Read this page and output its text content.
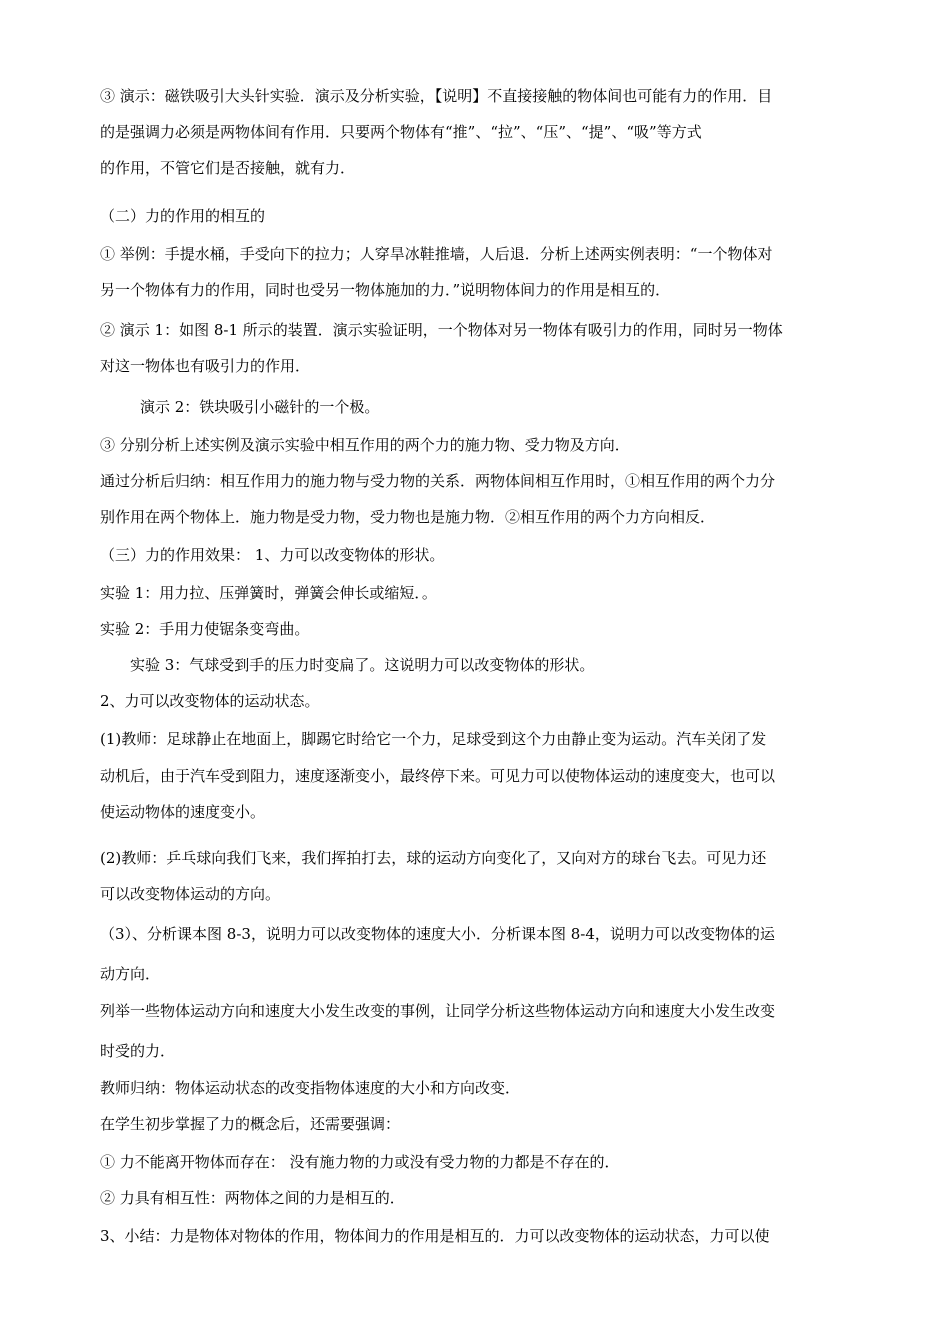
③ 演示：磁铁吸引大头针实验．演示及分析实验，【说明】不直接接触的物体间也可能有力的作用．目
的是强调力必须是两物体间有作用．只要两个物体有“推”、“拉”、“压”、“提”、“吸”等方式
的作用，不管它们是否接触，就有力．
（二）力的作用的相互的
① 举例：手提水桶，手受向下的拉力；人穿旱冰鞋推墙，人后退．分析上述两实例表明：“一个物体对
另一个物体有力的作用，同时也受另一物体施加的力．”说明物体间力的作用是相互的．
② 演示 1：如图 8-1 所示的装置．演示实验证明，一个物体对另一物体有吸引力的作用，同时另一物体
对这一物体也有吸引力的作用．
演示 2：铁块吸引小磁针的一个极。
③ 分别分析上述实例及演示实验中相互作用的两个力的施力物、受力物及方向．
通过分析后归纳：相互作用力的施力物与受力物的关系．两物体间相互作用时，①相互作用的两个力分
别作用在两个物体上．施力物是受力物，受力物也是施力物．②相互作用的两个力方向相反．
（三）力的作用效果： 1、力可以改变物体的形状。
实验 1：用力拉、压弹簧时，弹簧会伸长或缩短．。
实验 2：手用力使锯条变弯曲。
实验 3：气球受到手的压力时变扁了。这说明力可以改变物体的形状。
2、力可以改变物体的运动状态。
(1)教师：足球静止在地面上，脚踢它时给它一个力，足球受到这个力由静止变为运动。汽车关闭了发
动机后，由于汽车受到阻力，速度逐渐变小，最终停下来。可见力可以使物体运动的速度变大，也可以
使运动物体的速度变小。
(2)教师：乒乓球向我们飞来，我们挥拍打去，球的运动方向变化了，又向对方的球台飞去。可见力还
可以改变物体运动的方向。
（3）、分析课本图 8-3，说明力可以改变物体的速度大小．分析课本图 8-4，说明力可以改变物体的运
动方向．
列举一些物体运动方向和速度大小发生改变的事例，让同学分析这些物体运动方向和速度大小发生改变
时受的力．
教师归纳：物体运动状态的改变指物体速度的大小和方向改变．
在学生初步掌握了力的概念后，还需要强调：
① 力不能离开物体而存在： 没有施力物的力或没有受力物的力都是不存在的．
② 力具有相互性：两物体之间的力是相互的．
3、小结：力是物体对物体的作用，物体间力的作用是相互的．力可以改变物体的运动状态，力可以使
